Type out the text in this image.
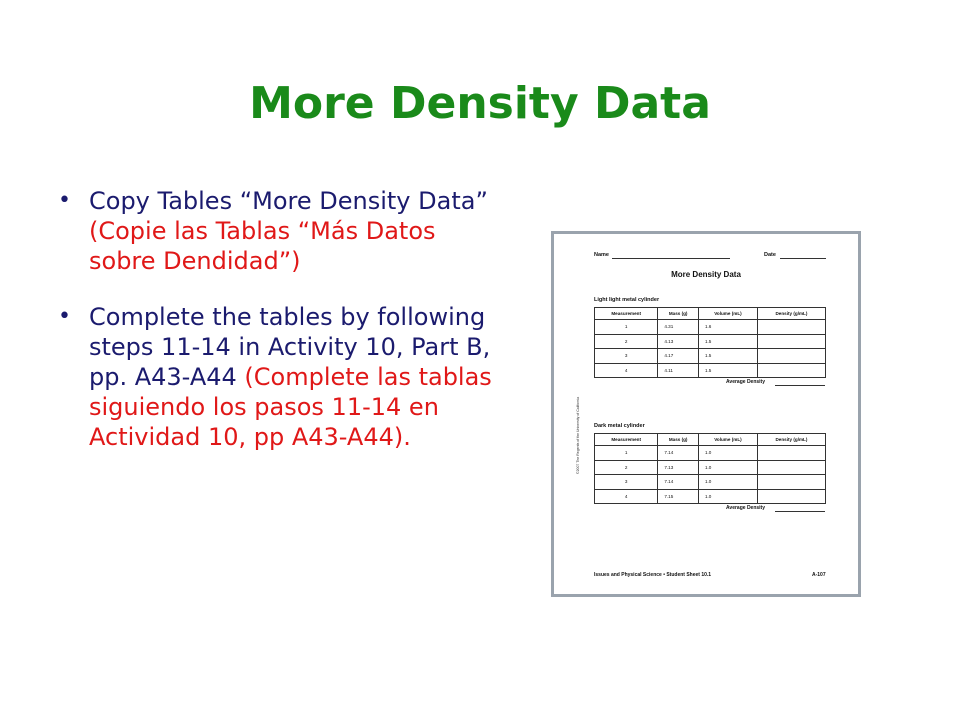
More Density Data
• Copy Tables “More Density Data” (Copie las Tablas “Más Datos sobre Dendidad”)
• Complete the tables by following steps 11-14 in Activity 10, Part B, pp. A43-A44 (Complete las tablas siguiendo los pasos 11-14 en Actividad 10, pp A43-A44).
Name	Date
More Density Data
Light light metal cylinder
Measurement	Mass (g)	Volume (mL)	Density (g/mL)
1	4.31	1.6	
2	4.13	1.5	
3	4.17	1.5	
4	4.11	1.5	
Average Density
Dark metal cylinder
Measurement	Mass (g)	Volume (mL)	Density (g/mL)
1	7.14	1.0	
2	7.13	1.0	
3	7.14	1.0	
4	7.15	1.0	
Average Density
©2007 The Regents of the University of California
Issues and Physical Science • Student Sheet 10.1	A-107
